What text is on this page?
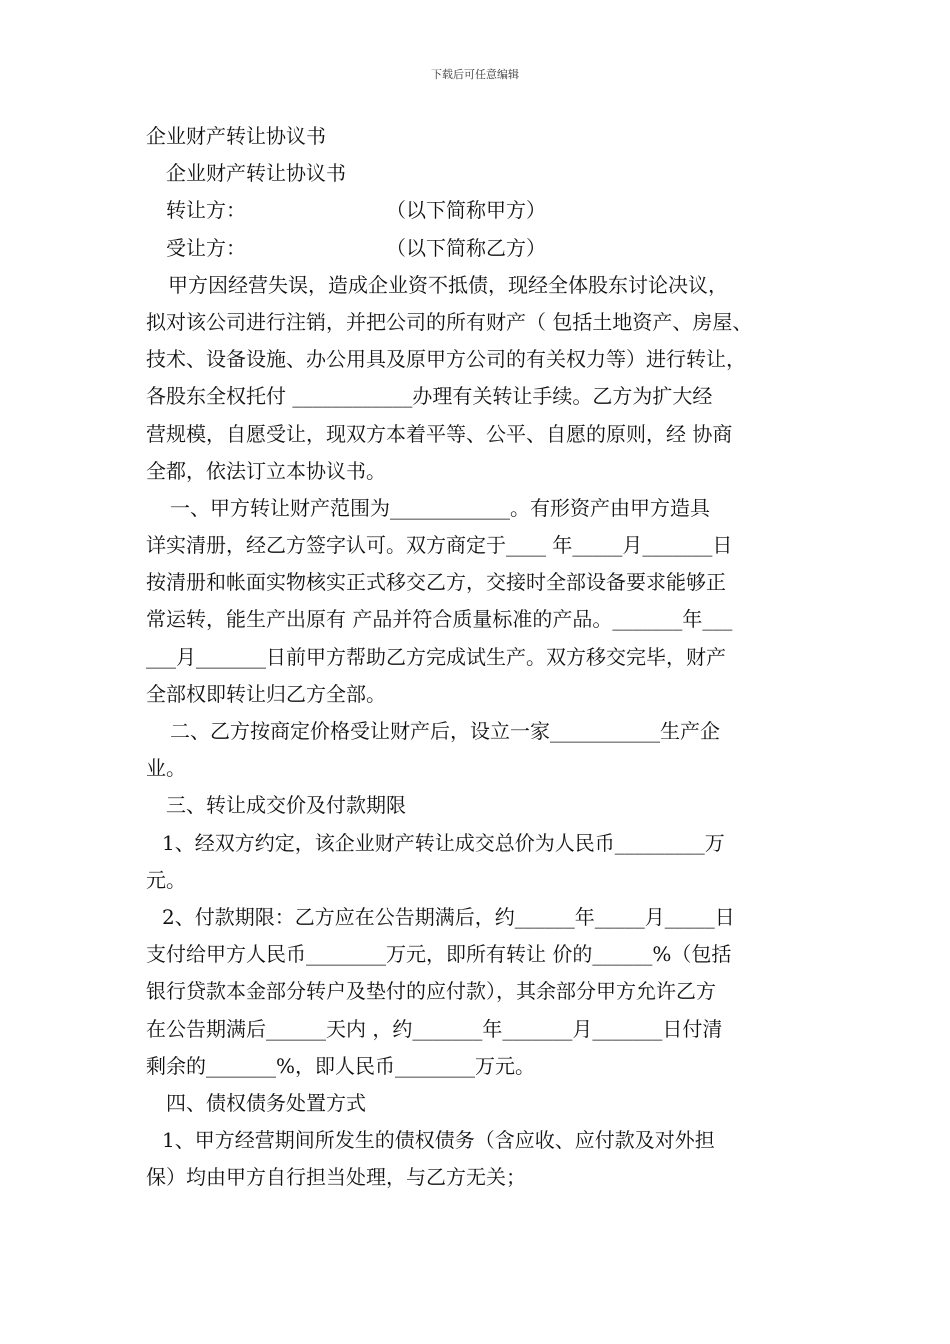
下载后可任意编辑
企业财产转让协议书
企业财产转让协议书
转让方：	（以下简称甲方）
受让方：	（以下简称乙方）
甲方因经营失误，造成企业资不抵债，现经全体股东讨论决议，
拟对该公司进行注销，并把公司的所有财产（ 包括土地资产、房屋、
技术、设备设施、办公用具及原甲方公司的有关权力等）进行转让，
各股东全权托付 ____________办理有关转让手续。乙方为扩大经
营规模，自愿受让，现双方本着平等、公平、自愿的原则，经 协商
全都，依法订立本协议书。
一、甲方转让财产范围为____________。有形资产由甲方造具
详实清册，经乙方签字认可。双方商定于____ 年_____月_______日
按清册和帐面实物核实正式移交乙方，交接时全部设备要求能够正
常运转，能生产出原有 产品并符合质量标准的产品。_______年___
___月_______日前甲方帮助乙方完成试生产。双方移交完毕，财产
全部权即转让归乙方全部。
二、乙方按商定价格受让财产后，设立一家___________生产企
业。
三、转让成交价及付款期限
1、经双方约定，该企业财产转让成交总价为人民币_________万
元。
2、付款期限：乙方应在公告期满后，约______年_____月_____日
支付给甲方人民币________万元，即所有转让 价的______%（包括
银行贷款本金部分转户及垫付的应付款），其余部分甲方允许乙方
在公告期满后______天内 ，约_______年_______月_______日付清
剩余的_______%，即人民币________万元。
四、债权债务处置方式
1、甲方经营期间所发生的债权债务（含应收、应付款及对外担
保）均由甲方自行担当处理，与乙方无关；
